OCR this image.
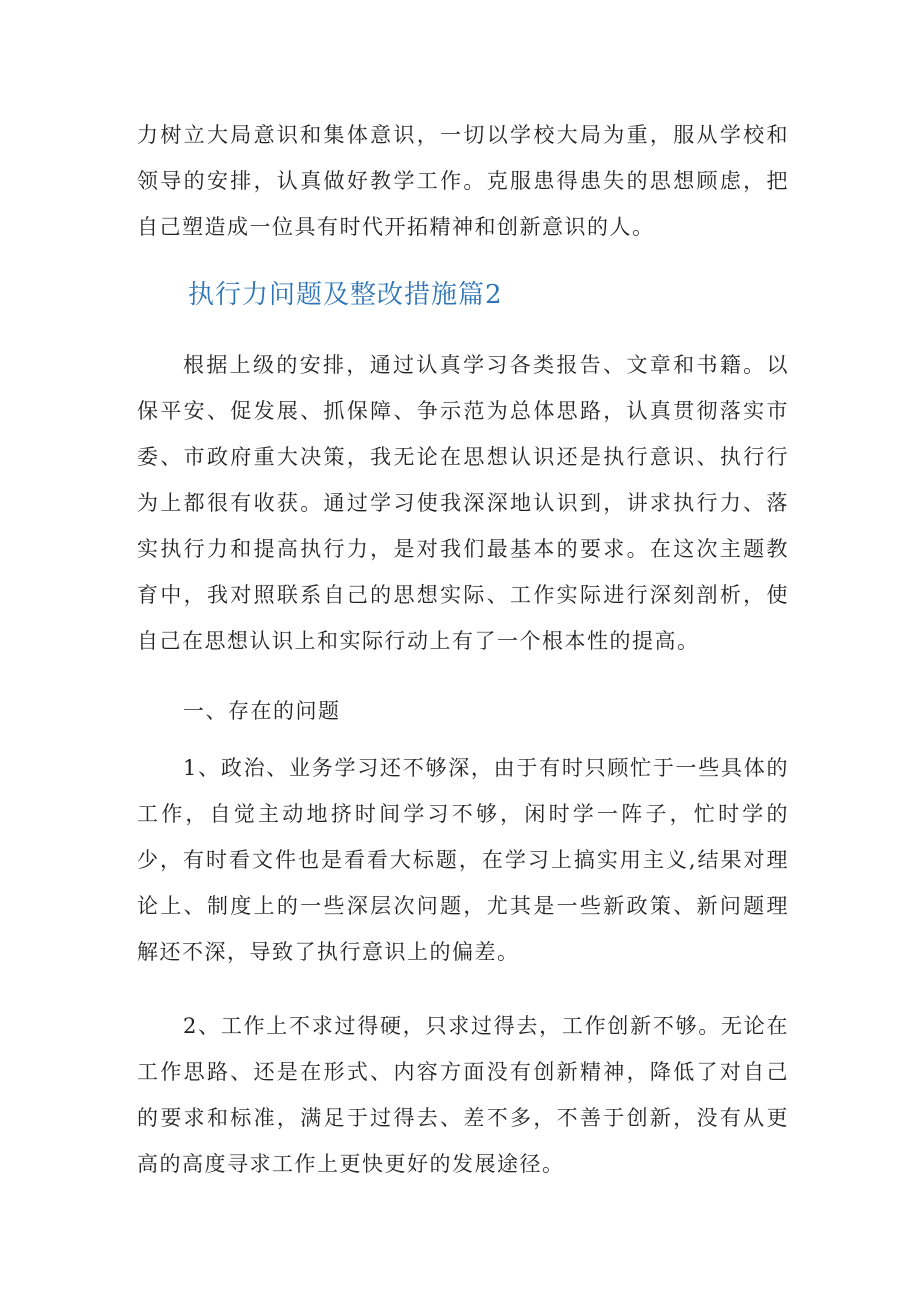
力树立大局意识和集体意识，一切以学校大局为重，服从学校和领导的安排，认真做好教学工作。克服患得患失的思想顾虑，把自己塑造成一位具有时代开拓精神和创新意识的人。

执行力问题及整改措施篇2

根据上级的安排，通过认真学习各类报告、文章和书籍。以保平安、促发展、抓保障、争示范为总体思路，认真贯彻落实市委、市政府重大决策，我无论在思想认识还是执行意识、执行行为上都很有收获。通过学习使我深深地认识到，讲求执行力、落实执行力和提高执行力，是对我们最基本的要求。在这次主题教育中，我对照联系自己的思想实际、工作实际进行深刻剖析，使自己在思想认识上和实际行动上有了一个根本性的提高。

一、存在的问题

1、政治、业务学习还不够深，由于有时只顾忙于一些具体的工作，自觉主动地挤时间学习不够，闲时学一阵子，忙时学的少，有时看文件也是看看大标题，在学习上搞实用主义,结果对理论上、制度上的一些深层次问题，尤其是一些新政策、新问题理解还不深，导致了执行意识上的偏差。

2、工作上不求过得硬，只求过得去，工作创新不够。无论在工作思路、还是在形式、内容方面没有创新精神，降低了对自己的要求和标准，满足于过得去、差不多，不善于创新，没有从更高的高度寻求工作上更快更好的发展途径。
